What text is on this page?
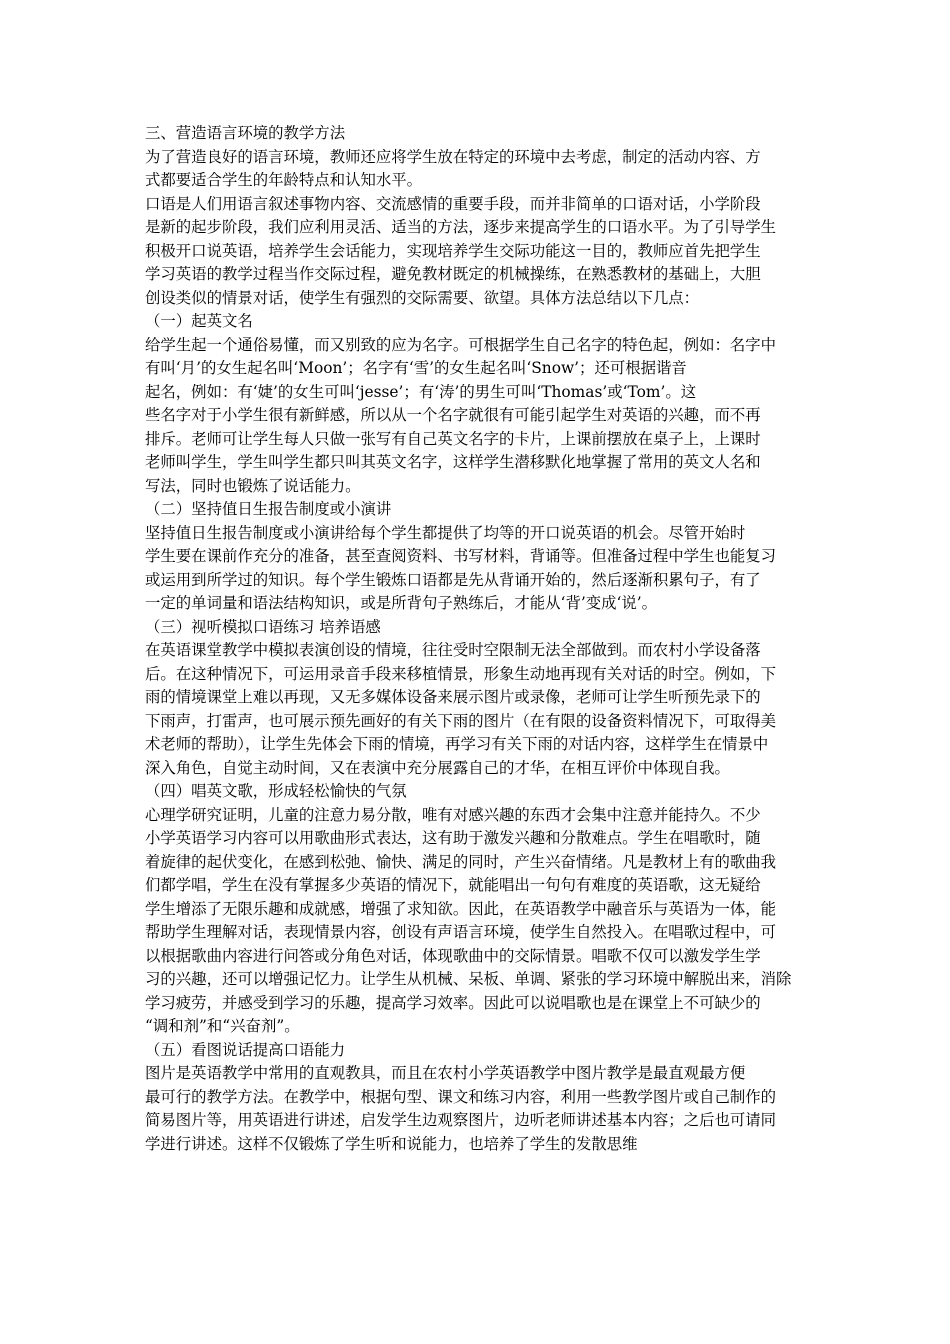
三、营造语言环境的教学方法
为了营造良好的语言环境，教师还应将学生放在特定的环境中去考虑，制定的活动内容、方
式都要适合学生的年龄特点和认知水平。
口语是人们用语言叙述事物内容、交流感情的重要手段，而并非简单的口语对话，小学阶段
是新的起步阶段，我们应利用灵活、适当的方法，逐步来提高学生的口语水平。为了引导学生
积极开口说英语，培养学生会话能力，实现培养学生交际功能这一目的，教师应首先把学生
学习英语的教学过程当作交际过程，避免教材既定的机械操练，在熟悉教材的基础上，大胆
创设类似的情景对话，使学生有强烈的交际需要、欲望。具体方法总结以下几点：
（一）起英文名
给学生起一个通俗易懂，而又别致的应为名字。可根据学生自己名字的特色起，例如：名字中
有叫‘月’的女生起名叫‘Moon’；名字有‘雪’的女生起名叫‘Snow’；还可根据谐音
起名，例如：有‘婕’的女生可叫‘jesse’；有‘涛’的男生可叫‘Thomas’或‘Tom’。这
些名字对于小学生很有新鲜感，所以从一个名字就很有可能引起学生对英语的兴趣，而不再
排斥。老师可让学生每人只做一张写有自己英文名字的卡片，上课前摆放在桌子上，上课时
老师叫学生，学生叫学生都只叫其英文名字，这样学生潜移默化地掌握了常用的英文人名和
写法，同时也锻炼了说话能力。
（二）坚持值日生报告制度或小演讲
坚持值日生报告制度或小演讲给每个学生都提供了均等的开口说英语的机会。尽管开始时
学生要在课前作充分的准备，甚至查阅资料、书写材料，背诵等。但准备过程中学生也能复习
或运用到所学过的知识。每个学生锻炼口语都是先从背诵开始的，然后逐渐积累句子，有了
一定的单词量和语法结构知识，或是所背句子熟练后，才能从‘背’变成‘说’。
（三）视听模拟口语练习 培养语感
在英语课堂教学中模拟表演创设的情境，往往受时空限制无法全部做到。而农村小学设备落
后。在这种情况下，可运用录音手段来移植情景，形象生动地再现有关对话的时空。例如，下
雨的情境课堂上难以再现，又无多媒体设备来展示图片或录像，老师可让学生听预先录下的
下雨声，打雷声，也可展示预先画好的有关下雨的图片（在有限的设备资料情况下，可取得美
术老师的帮助），让学生先体会下雨的情境，再学习有关下雨的对话内容，这样学生在情景中
深入角色，自觉主动时间，又在表演中充分展露自己的才华，在相互评价中体现自我。
（四）唱英文歌，形成轻松愉快的气氛
心理学研究证明，儿童的注意力易分散，唯有对感兴趣的东西才会集中注意并能持久。不少
小学英语学习内容可以用歌曲形式表达，这有助于激发兴趣和分散难点。学生在唱歌时，随
着旋律的起伏变化，在感到松弛、愉快、满足的同时，产生兴奋情绪。凡是教材上有的歌曲我
们都学唱，学生在没有掌握多少英语的情况下，就能唱出一句句有难度的英语歌，这无疑给
学生增添了无限乐趣和成就感，增强了求知欲。因此，在英语教学中融音乐与英语为一体，能
帮助学生理解对话，表现情景内容，创设有声语言环境，使学生自然投入。在唱歌过程中，可
以根据歌曲内容进行问答或分角色对话，体现歌曲中的交际情景。唱歌不仅可以激发学生学
习的兴趣，还可以增强记忆力。让学生从机械、呆板、单调、紧张的学习环境中解脱出来，消除
学习疲劳，并感受到学习的乐趣，提高学习效率。因此可以说唱歌也是在课堂上不可缺少的
“调和剂”和“兴奋剂”。
（五）看图说话提高口语能力
图片是英语教学中常用的直观教具，而且在农村小学英语教学中图片教学是最直观最方便
最可行的教学方法。在教学中，根据句型、课文和练习内容，利用一些教学图片或自己制作的
简易图片等，用英语进行讲述，启发学生边观察图片，边听老师讲述基本内容；之后也可请同
学进行讲述。这样不仅锻炼了学生听和说能力，也培养了学生的发散思维
